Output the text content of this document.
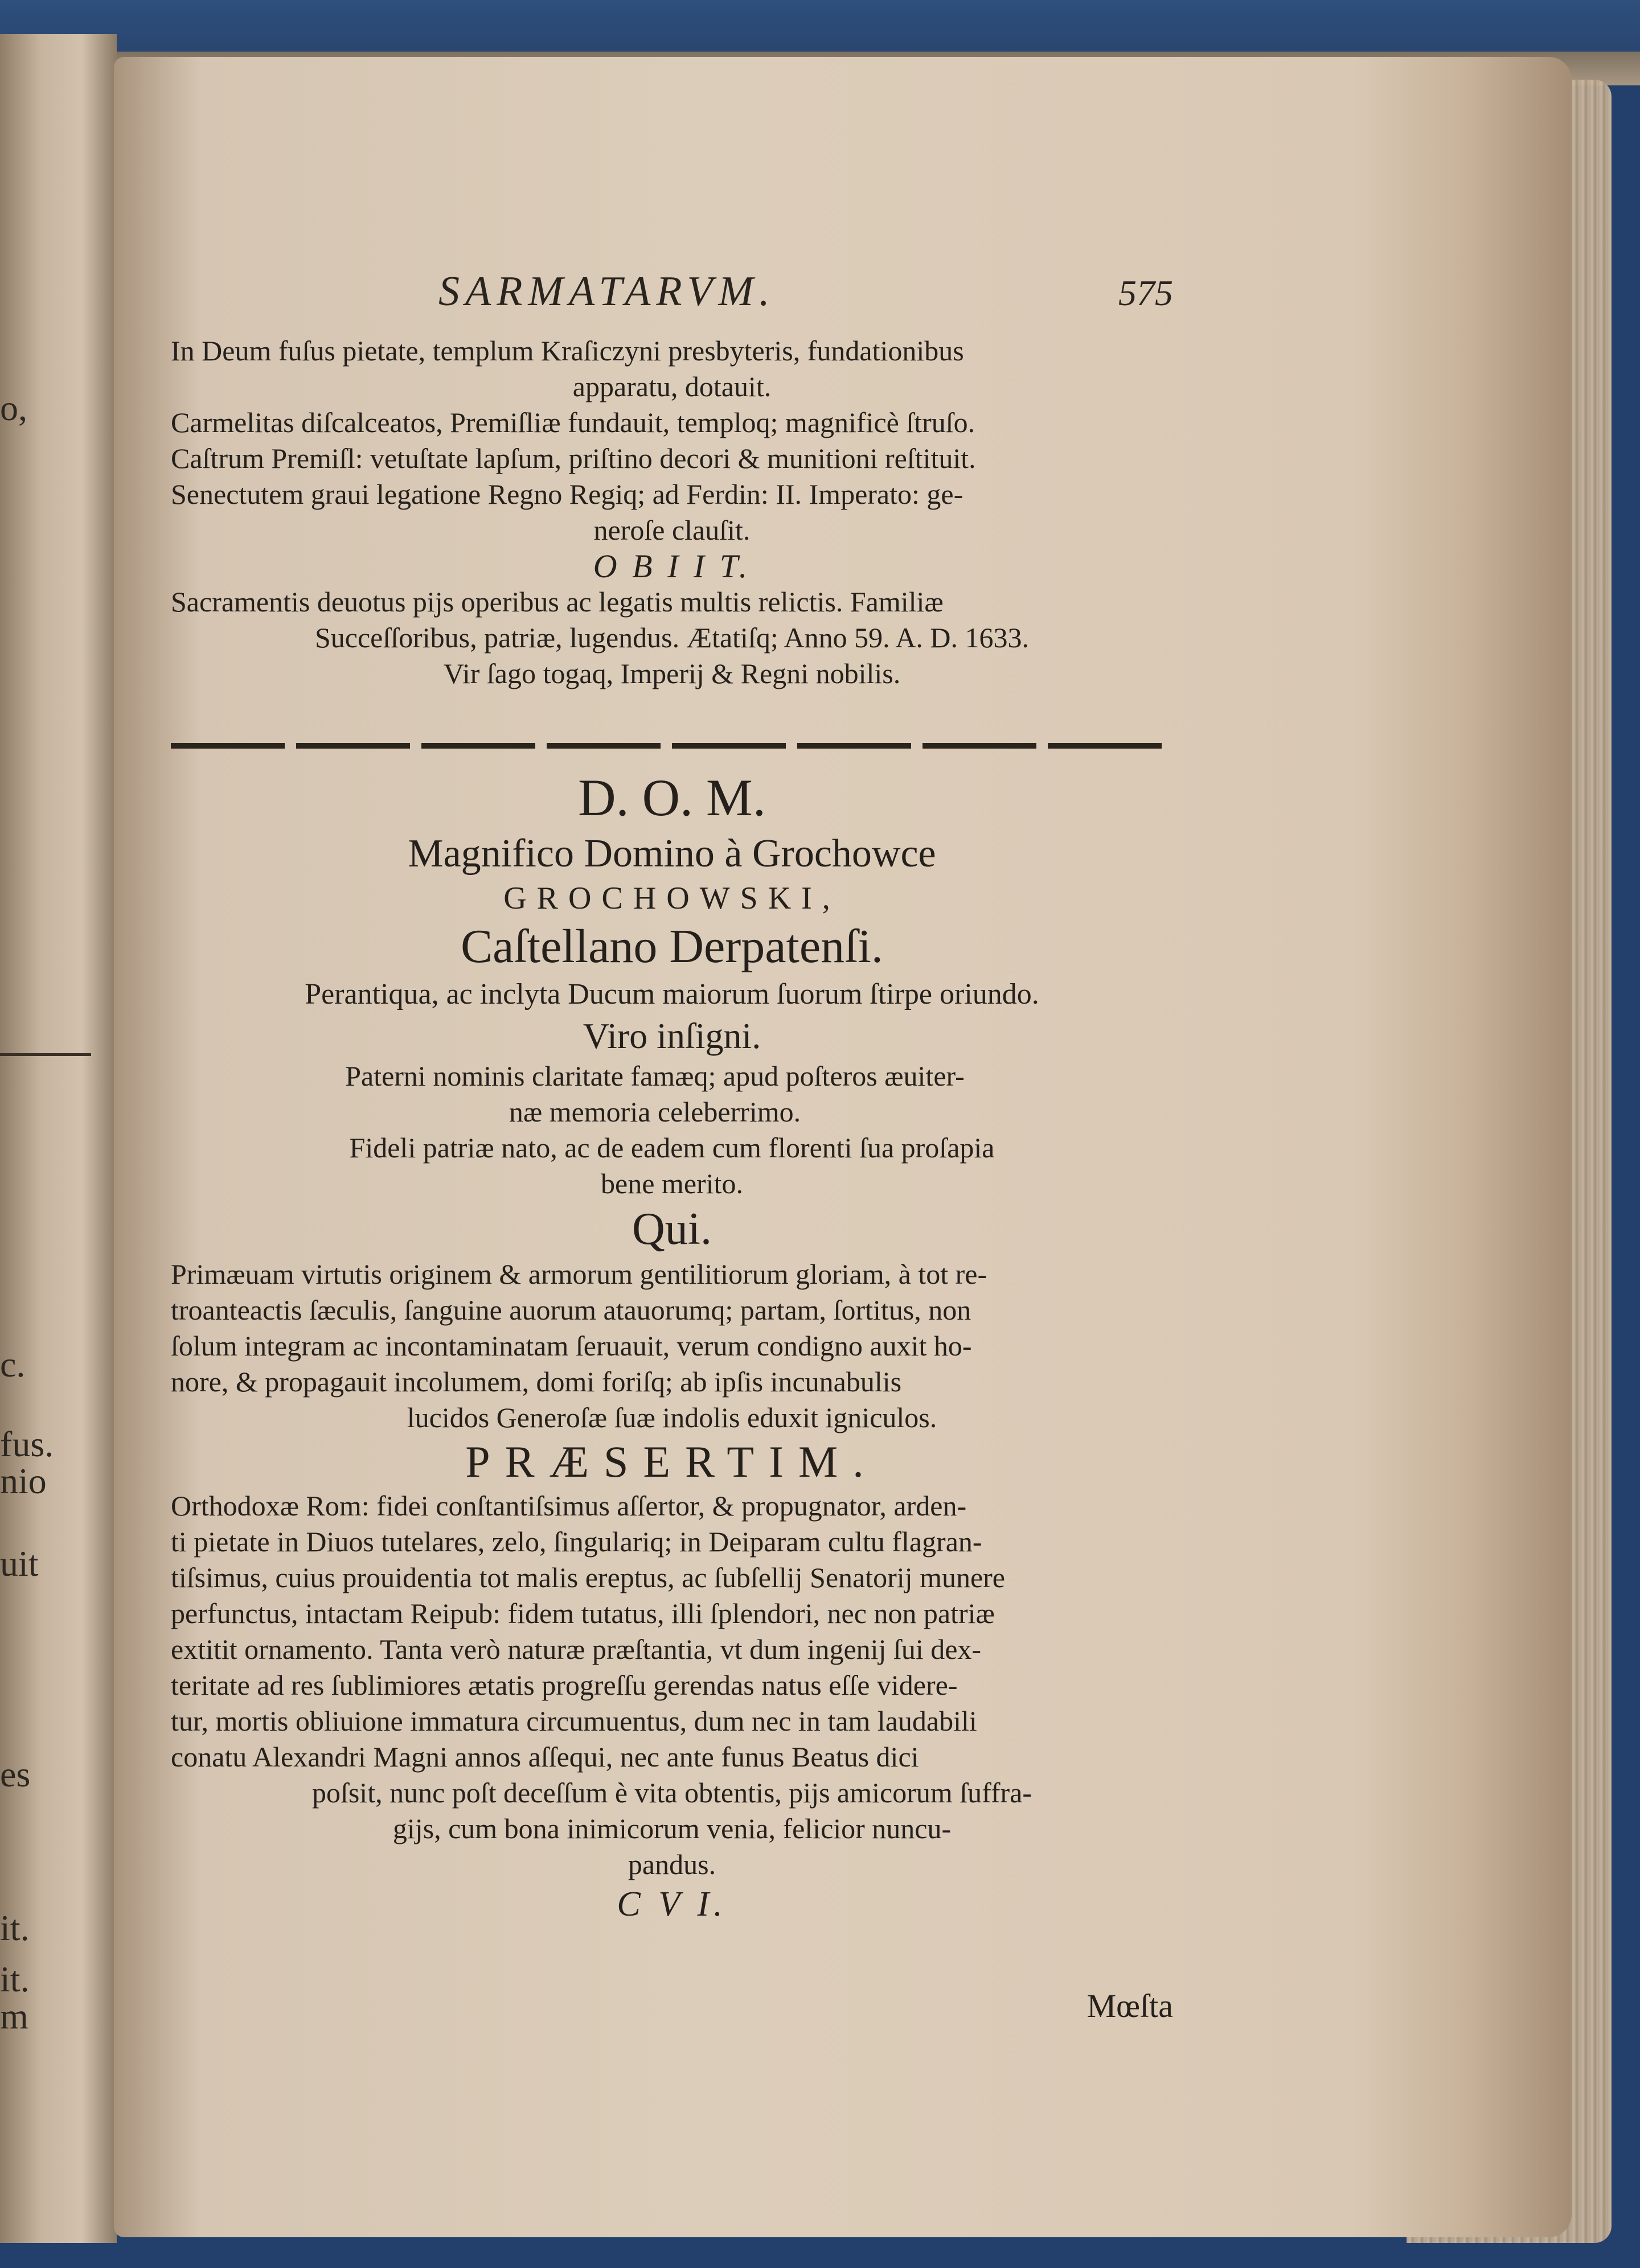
o,
c.
fus.
nio
uit
es
it.
it.
m
SARMATARVM.	575
In Deum fuſus pietate, templum Kraſiczyni presbyteris, fundationibus
apparatu, dotauit.
Carmelitas diſcalceatos, Premiſliæ fundauit, temploq; magnificè ſtruſo.
Caſtrum Premiſl: vetuſtate lapſum, priſtino decori & munitioni reſtituit.
Senectutem graui legatione Regno Regiq; ad Ferdin: II. Imperato: ge-
neroſe clauſit.
O B I I T.
Sacramentis deuotus pijs operibus ac legatis multis relictis. Familiæ
Succeſſoribus, patriæ, lugendus. Ætatiſq; Anno 59. A. D. 1633.
Vir ſago togaq, Imperij & Regni nobilis.
D. O. M.
Magnifico Domino à Grochowce
GROCHOWSKI,
Caſtellano Derpatenſi.
Perantiqua, ac inclyta Ducum maiorum ſuorum ſtirpe oriundo.
Viro inſigni.
Paterni nominis claritate famæq; apud poſteros æuiter-
næ memoria celeberrimo.
Fideli patriæ nato, ac de eadem cum florenti ſua proſapia
bene merito.
Qui.
Primæuam virtutis originem & armorum gentilitiorum gloriam, à tot re-
troanteactis ſæculis, ſanguine auorum atauorumq; partam, ſortitus, non
ſolum integram ac incontaminatam ſeruauit, verum condigno auxit ho-
nore, & propagauit incolumem, domi foriſq; ab ipſis incunabulis
lucidos Generoſæ ſuæ indolis eduxit igniculos.
PRÆSERTIM.
Orthodoxæ Rom: fidei conſtantiſsimus aſſertor, & propugnator, arden-
ti pietate in Diuos tutelares, zelo, ſingulariq; in Deiparam cultu flagran-
tiſsimus, cuius prouidentia tot malis ereptus, ac ſubſellij Senatorij munere
perfunctus, intactam Reipub: fidem tutatus, illi ſplendori, nec non patriæ
extitit ornamento. Tanta verò naturæ præſtantia, vt dum ingenij ſui dex-
teritate ad res ſublimiores ætatis progreſſu gerendas natus eſſe videre-
tur, mortis obliuione immatura circumuentus, dum nec in tam laudabili
conatu Alexandri Magni annos aſſequi, nec ante funus Beatus dici
poſsit, nunc poſt deceſſum è vita obtentis, pijs amicorum ſuffra-
gijs, cum bona inimicorum venia, felicior nuncu-
pandus.
C V I.
Mœſta
